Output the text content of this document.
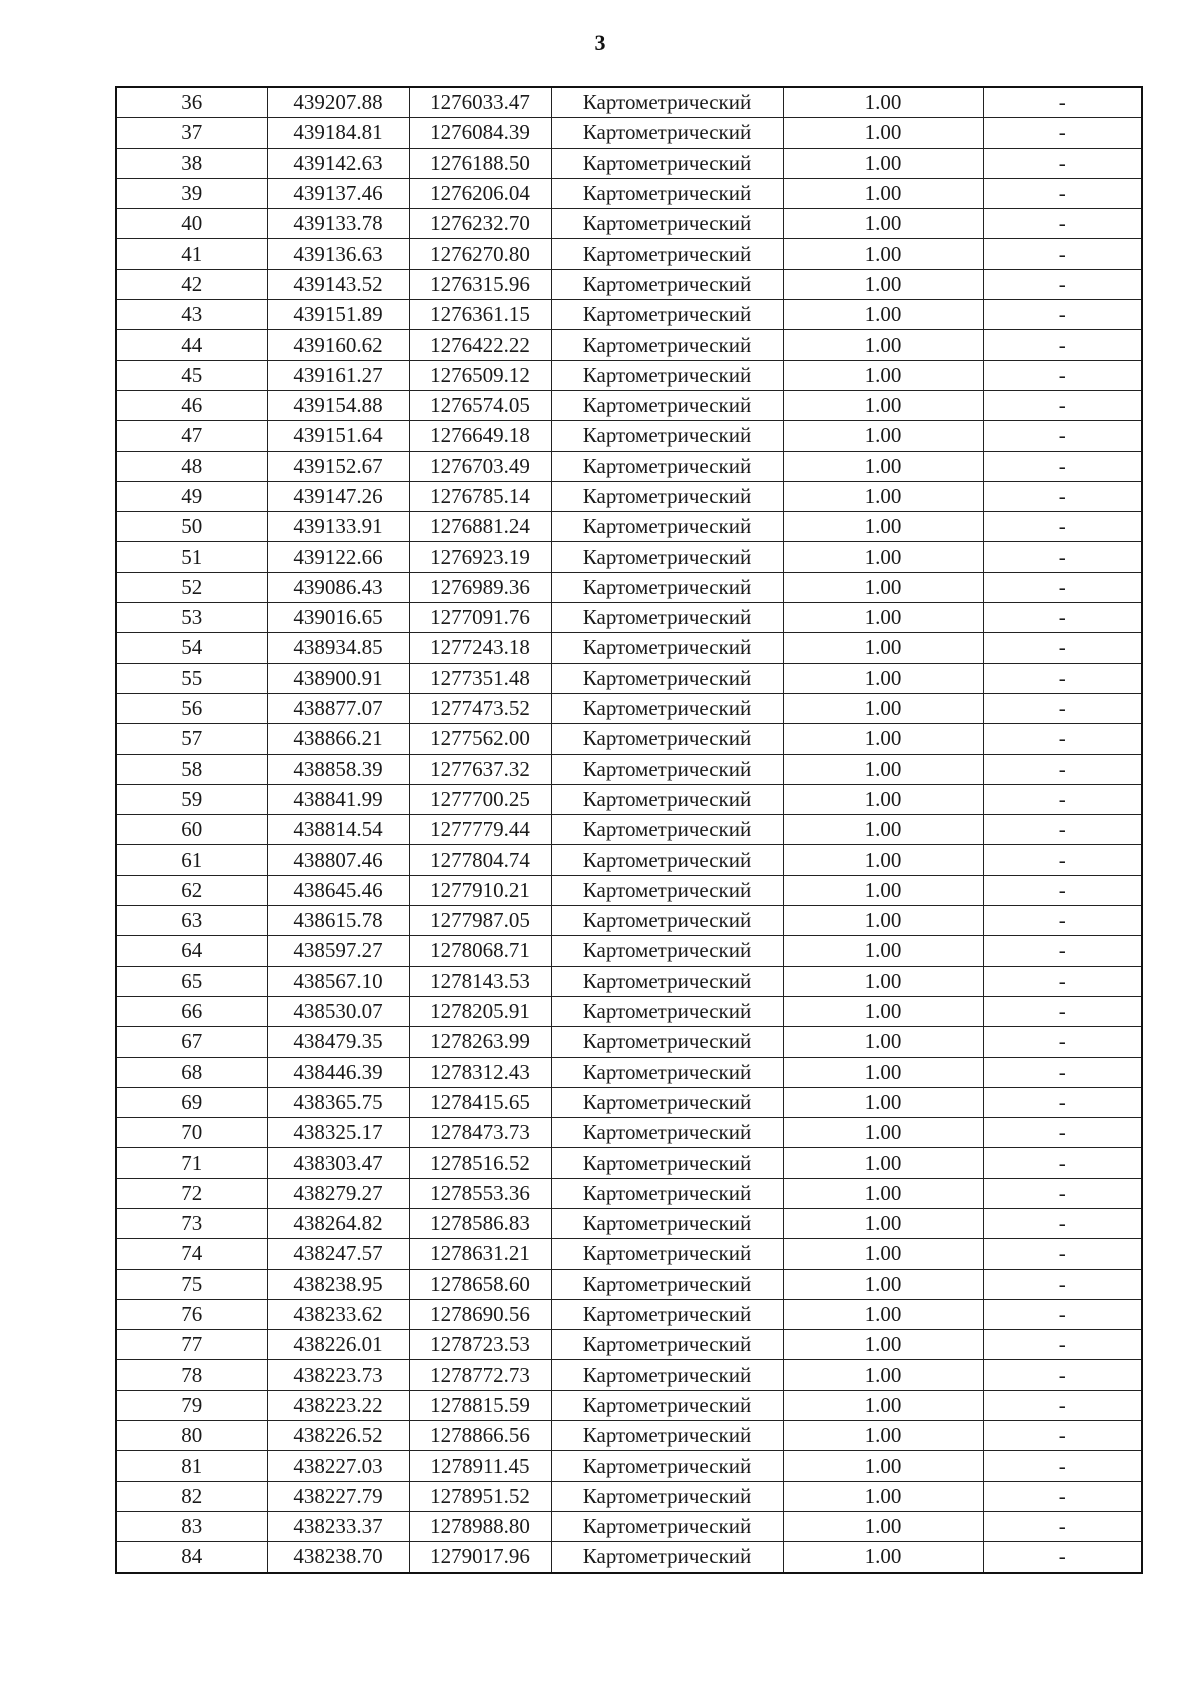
3
36	439207.88	1276033.47	Картометрический	1.00	-
37	439184.81	1276084.39	Картометрический	1.00	-
38	439142.63	1276188.50	Картометрический	1.00	-
39	439137.46	1276206.04	Картометрический	1.00	-
40	439133.78	1276232.70	Картометрический	1.00	-
41	439136.63	1276270.80	Картометрический	1.00	-
42	439143.52	1276315.96	Картометрический	1.00	-
43	439151.89	1276361.15	Картометрический	1.00	-
44	439160.62	1276422.22	Картометрический	1.00	-
45	439161.27	1276509.12	Картометрический	1.00	-
46	439154.88	1276574.05	Картометрический	1.00	-
47	439151.64	1276649.18	Картометрический	1.00	-
48	439152.67	1276703.49	Картометрический	1.00	-
49	439147.26	1276785.14	Картометрический	1.00	-
50	439133.91	1276881.24	Картометрический	1.00	-
51	439122.66	1276923.19	Картометрический	1.00	-
52	439086.43	1276989.36	Картометрический	1.00	-
53	439016.65	1277091.76	Картометрический	1.00	-
54	438934.85	1277243.18	Картометрический	1.00	-
55	438900.91	1277351.48	Картометрический	1.00	-
56	438877.07	1277473.52	Картометрический	1.00	-
57	438866.21	1277562.00	Картометрический	1.00	-
58	438858.39	1277637.32	Картометрический	1.00	-
59	438841.99	1277700.25	Картометрический	1.00	-
60	438814.54	1277779.44	Картометрический	1.00	-
61	438807.46	1277804.74	Картометрический	1.00	-
62	438645.46	1277910.21	Картометрический	1.00	-
63	438615.78	1277987.05	Картометрический	1.00	-
64	438597.27	1278068.71	Картометрический	1.00	-
65	438567.10	1278143.53	Картометрический	1.00	-
66	438530.07	1278205.91	Картометрический	1.00	-
67	438479.35	1278263.99	Картометрический	1.00	-
68	438446.39	1278312.43	Картометрический	1.00	-
69	438365.75	1278415.65	Картометрический	1.00	-
70	438325.17	1278473.73	Картометрический	1.00	-
71	438303.47	1278516.52	Картометрический	1.00	-
72	438279.27	1278553.36	Картометрический	1.00	-
73	438264.82	1278586.83	Картометрический	1.00	-
74	438247.57	1278631.21	Картометрический	1.00	-
75	438238.95	1278658.60	Картометрический	1.00	-
76	438233.62	1278690.56	Картометрический	1.00	-
77	438226.01	1278723.53	Картометрический	1.00	-
78	438223.73	1278772.73	Картометрический	1.00	-
79	438223.22	1278815.59	Картометрический	1.00	-
80	438226.52	1278866.56	Картометрический	1.00	-
81	438227.03	1278911.45	Картометрический	1.00	-
82	438227.79	1278951.52	Картометрический	1.00	-
83	438233.37	1278988.80	Картометрический	1.00	-
84	438238.70	1279017.96	Картометрический	1.00	-
